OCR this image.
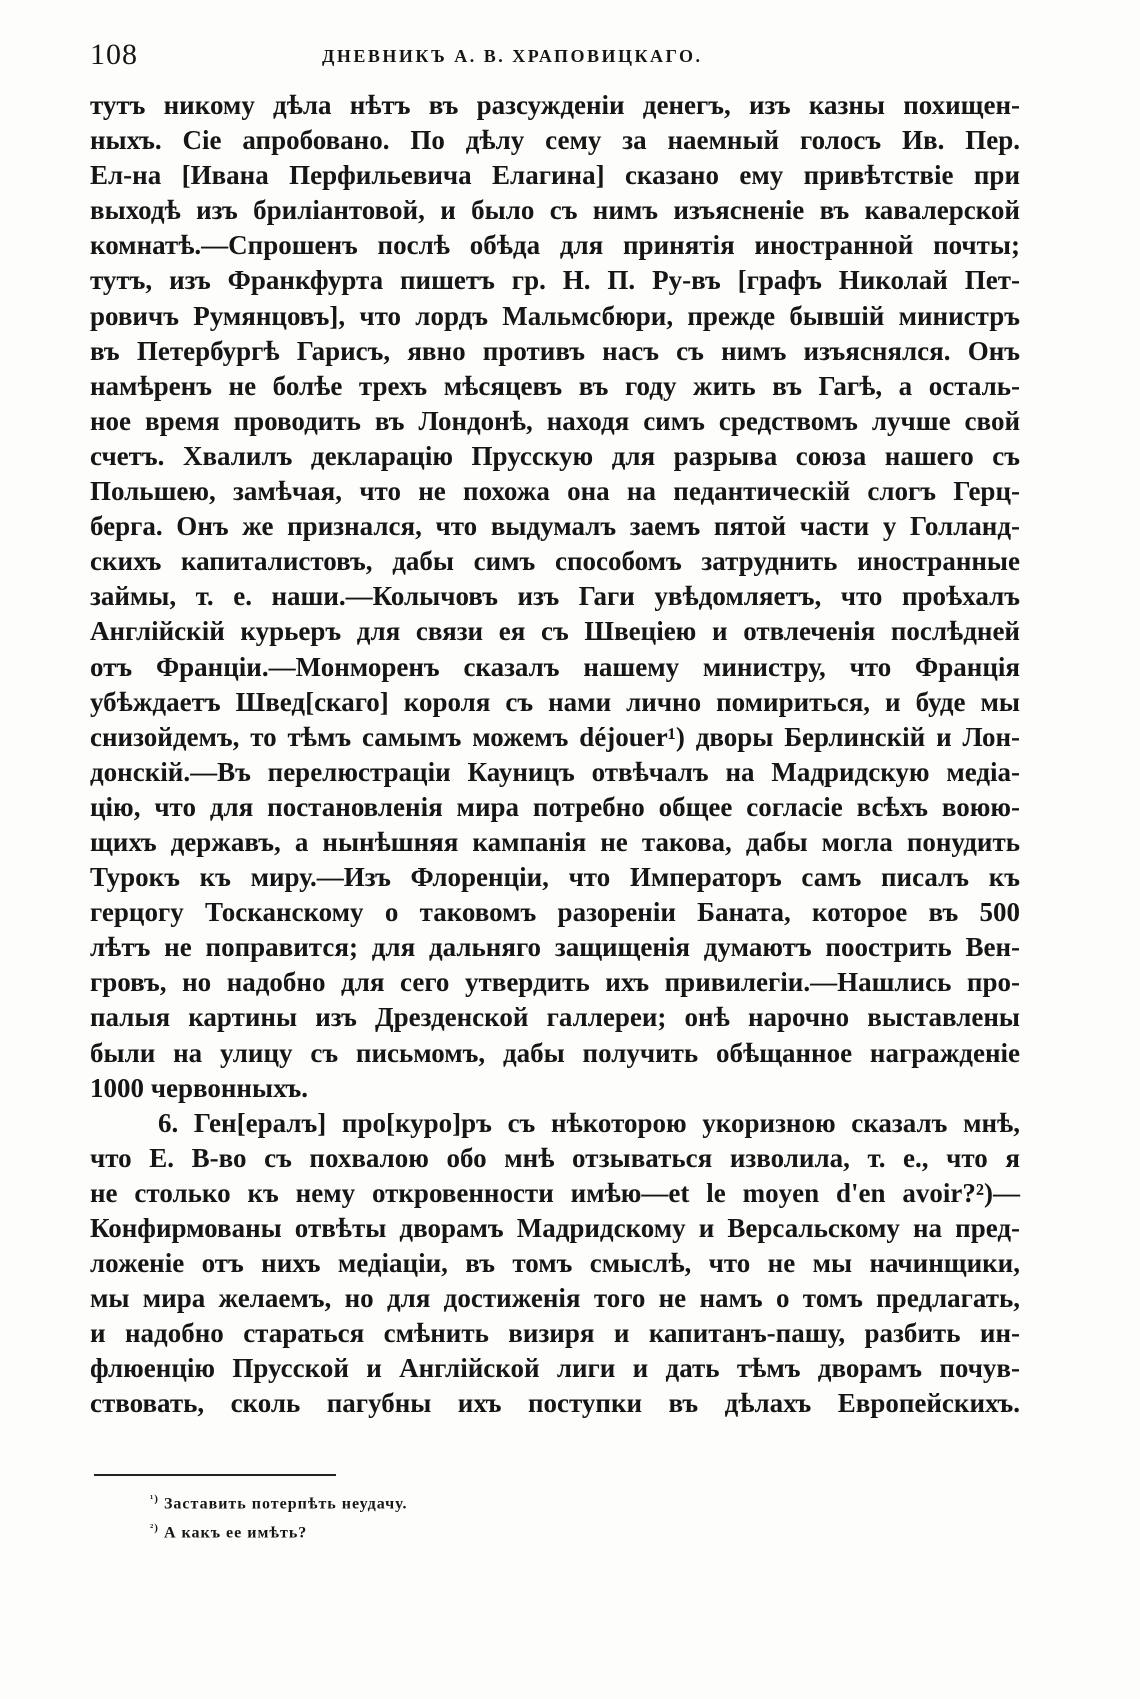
108	ДНЕВНИКЪ А. В. ХРАПОВИЦКАГО.

тутъ никому дѣла нѣтъ въ разсужденiи денегъ, изъ казны похищен-

ныхъ. Сiе апробовано. По дѣлу сему за наемный голосъ Ив. Пер.

Ел-на [Ивана Перфильевича Елагина] сказано ему привѣтствiе при

выходѣ изъ бриліантовой, и было съ нимъ изъясненiе въ кавалерской

комнатѣ.—Спрошенъ послѣ обѣда для принятiя иностранной почты;

тутъ, изъ Франкфурта пишетъ гр. Н. П. Ру-въ [графъ Николай Пет-

ровичъ Румянцовъ], что лордъ Мальмсбюри, прежде бывшiй министръ

въ Петербургѣ Гарисъ, явно противъ насъ съ нимъ изъяснялся. Онъ

намѣренъ не болѣе трехъ мѣсяцевъ въ году жить въ Гагѣ, а осталь-

ное время проводить въ Лондонѣ, находя симъ средствомъ лучше свой

счетъ. Хвалилъ декларацiю Прусскую для разрыва союза нашего съ

Польшею, замѣчая, что не похожа она на педантическiй слогъ Герц-

берга. Онъ же признался, что выдумалъ заемъ пятой части у Голланд-

скихъ капиталистовъ, дабы симъ способомъ затруднить иностранные

займы, т. е. наши.—Колычовъ изъ Гаги увѣдомляетъ, что проѣхалъ

Англiйскiй курьеръ для связи ея съ Швецiею и отвлеченiя послѣдней

отъ Францiи.—Монморенъ сказалъ нашему министру, что Францiя

убѣждаетъ Швед[скаго] короля съ нами лично помириться, и буде мы

снизойдемъ, то тѣмъ самымъ можемъ déjouer¹) дворы Берлинскiй и Лон-

донскiй.—Въ перелюстрацiи Кауницъ отвѣчалъ на Мадридскую медiа-

цiю, что для постановленiя мира потребно общее согласiе всѣхъ воюю-

щихъ державъ, а нынѣшняя кампанiя не такова, дабы могла понудить

Турокъ къ миру.—Изъ Флоренцiи, что Императоръ самъ писалъ къ

герцогу Тосканскому о таковомъ разоренiи Баната, которое въ 500

лѣтъ не поправится; для дальняго защищенiя думаютъ поострить Вен-

гровъ, но надобно для сего утвердить ихъ привилегiи.—Нашлись про-

палыя картины изъ Дрезденской галлереи; онѣ нарочно выставлены

были на улицу съ письмомъ, дабы получить обѣщанное награжденiе

1000 червонныхъ.

6. Ген[ералъ] про[куро]ръ съ нѣкоторою укоризною сказалъ мнѣ,

что Е. В-во съ похвалою обо мнѣ отзываться изволила, т. е., что я

не столько къ нему откровенности имѣю—et le moyen d'en avoir?²)—

Конфирмованы отвѣты дворамъ Мадридскому и Версальскому на пред-

ложенiе отъ нихъ медiацiи, въ томъ смыслѣ, что не мы начинщики,

мы мира желаемъ, но для достиженiя того не намъ о томъ предлагать,

и надобно стараться смѣнить визиря и капитанъ-пашу, разбить ин-

флюенцiю Прусской и Англiйской лиги и дать тѣмъ дворамъ почув-

ствовать, сколь пагубны ихъ поступки въ дѣлахъ Европейскихъ.

$^{^1)}$ Заставить потерпѣть неудачу.

$^{^2)}$ А какъ ее имѣть?
